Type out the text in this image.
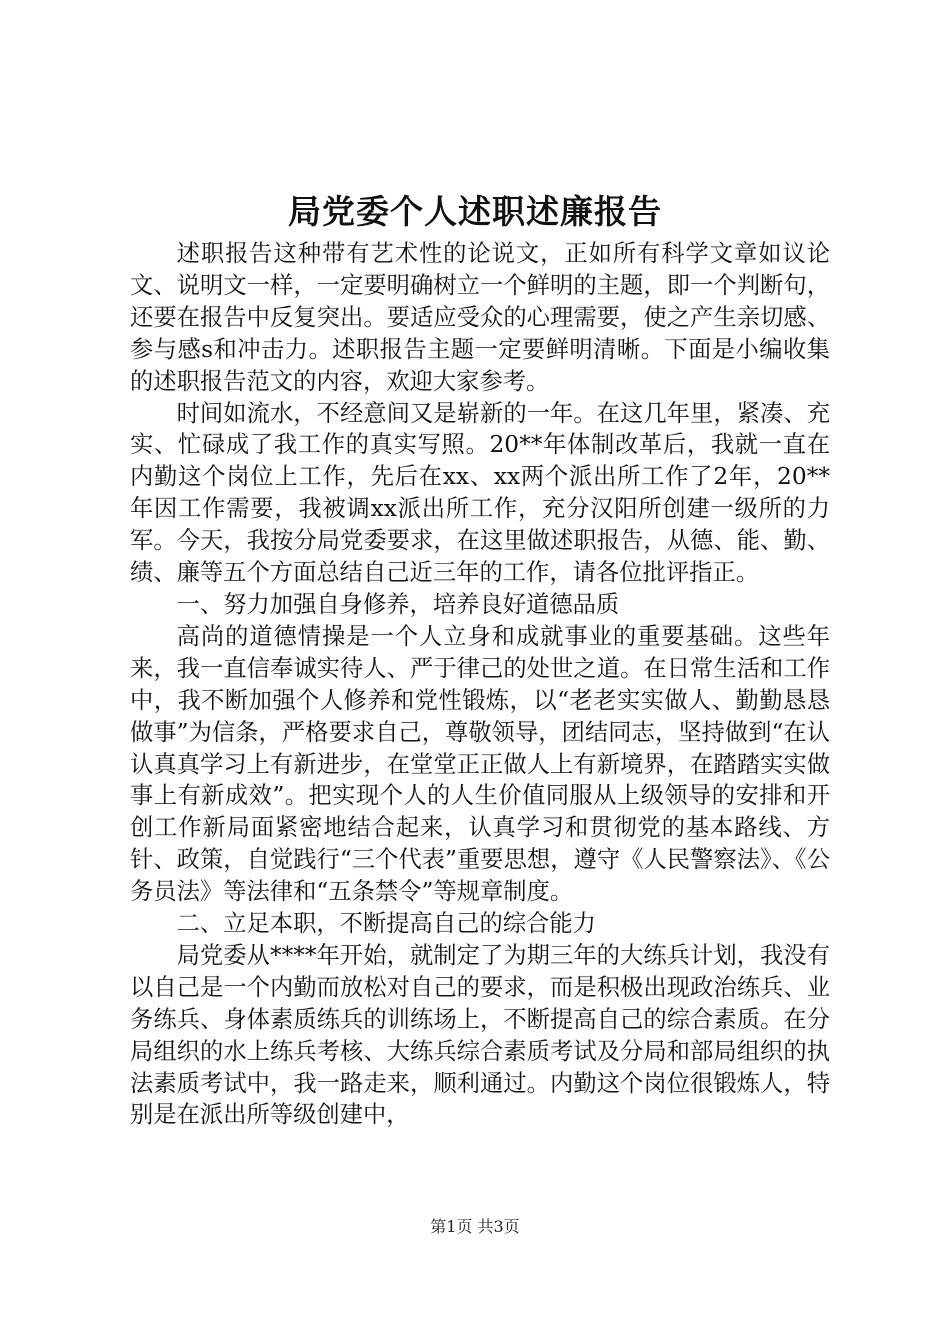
局党委个人述职述廉报告

述职报告这种带有艺术性的论说文，正如所有科学文章如议论文、说明文一样，一定要明确树立一个鲜明的主题，即一个判断句，还要在报告中反复突出。要适应受众的心理需要，使之产生亲切感、参与感s和冲击力。述职报告主题一定要鲜明清晰。下面是小编收集的述职报告范文的内容，欢迎大家参考。

时间如流水，不经意间又是崭新的一年。在这几年里，紧凑、充实、忙碌成了我工作的真实写照。20**年体制改革后，我就一直在内勤这个岗位上工作，先后在xx、xx两个派出所工作了2年，20**年因工作需要，我被调xx派出所工作，充分汉阳所创建一级所的力军。今天，我按分局党委要求，在这里做述职报告，从德、能、勤、绩、廉等五个方面总结自己近三年的工作，请各位批评指正。

一、努力加强自身修养，培养良好道德品质

高尚的道德情操是一个人立身和成就事业的重要基础。这些年来，我一直信奉诚实待人、严于律己的处世之道。在日常生活和工作中，我不断加强个人修养和党性锻炼，以“老老实实做人、勤勤恳恳做事”为信条，严格要求自己，尊敬领导，团结同志，坚持做到“在认认真真学习上有新进步，在堂堂正正做人上有新境界，在踏踏实实做事上有新成效”。把实现个人的人生价值同服从上级领导的安排和开创工作新局面紧密地结合起来，认真学习和贯彻党的基本路线、方针、政策，自觉践行“三个代表”重要思想，遵守《人民警察法》、《公务员法》等法律和“五条禁令”等规章制度。

二、立足本职，不断提高自己的综合能力

局党委从****年开始，就制定了为期三年的大练兵计划，我没有以自己是一个内勤而放松对自己的要求，而是积极出现政治练兵、业务练兵、身体素质练兵的训练场上，不断提高自己的综合素质。在分局组织的水上练兵考核、大练兵综合素质考试及分局和部局组织的执法素质考试中，我一路走来，顺利通过。内勤这个岗位很锻炼人，特别是在派出所等级创建中，

第1页 共3页
